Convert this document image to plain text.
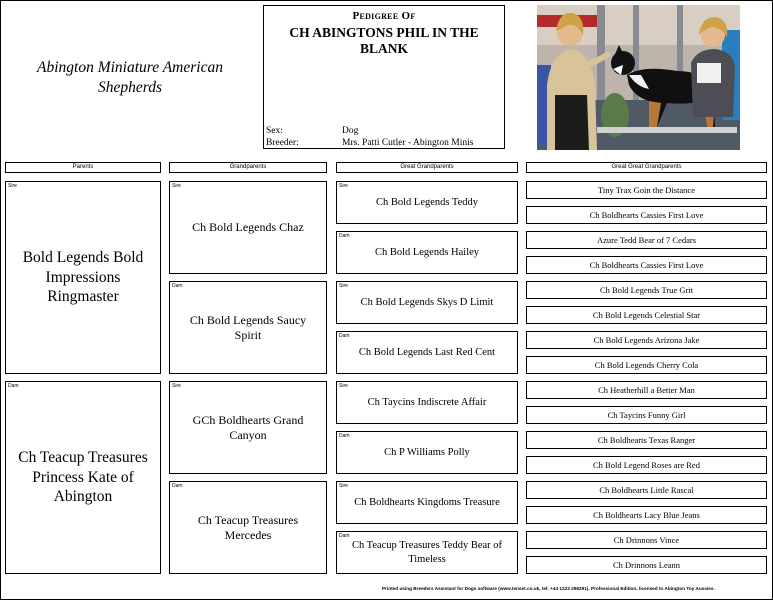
Abington Miniature American Shepherds
Pedigree Of
CH ABINGTONS PHIL IN THE BLANK
Sex:	Dog
Breeder:	Mrs. Patti Cutler - Abington Minis
Parents	Grandparents	Great Grandparents	Great Great Grandparents
Sire
Bold Legends Bold Impressions Ringmaster
Dam
Ch Teacup Treasures Princess Kate of Abington
Sire
Ch Bold Legends Chaz
Dam
Ch Bold Legends Saucy Spirit
Sire
GCh Boldhearts Grand Canyon
Dam
Ch Teacup Treasures Mercedes
Sire
Ch Bold Legends Teddy
Dam
Ch Bold Legends Hailey
Sire
Ch Bold Legends Skys D Limit
Dam
Ch Bold Legends Last Red Cent
Sire
Ch Taycins Indiscrete Affair
Dam
Ch P Williams Polly
Sire
Ch Boldhearts Kingdoms Treasure
Dam
Ch Teacup Treasures Teddy Bear of Timeless
Tiny Trax Goin the Distance
Ch Boldhearts Cassies First Love
Azure Tedd Bear of 7 Cedars
Ch Boldhearts Cassies First Love
Ch Bold Legends True Grit
Ch Bold Legends Celestial Star
Ch Bold Legends Arizona Jake
Ch Bold Legends Cherry Cola
Ch Heatherhill a Better Man
Ch Taycins Funny Girl
Ch Boldhearts Texas Ranger
Ch Bold Legend Roses are Red
Ch Boldhearts Little Rascal
Ch Boldhearts Lacy Blue Jeans
Ch Drinnons Vince
Ch Drinnons Leann
Printed using Breeders Assistant for Dogs software (www.tenset.co.uk, tel: +44 1223 298291). Professional Edition, licensed to Abington Toy Aussies.
